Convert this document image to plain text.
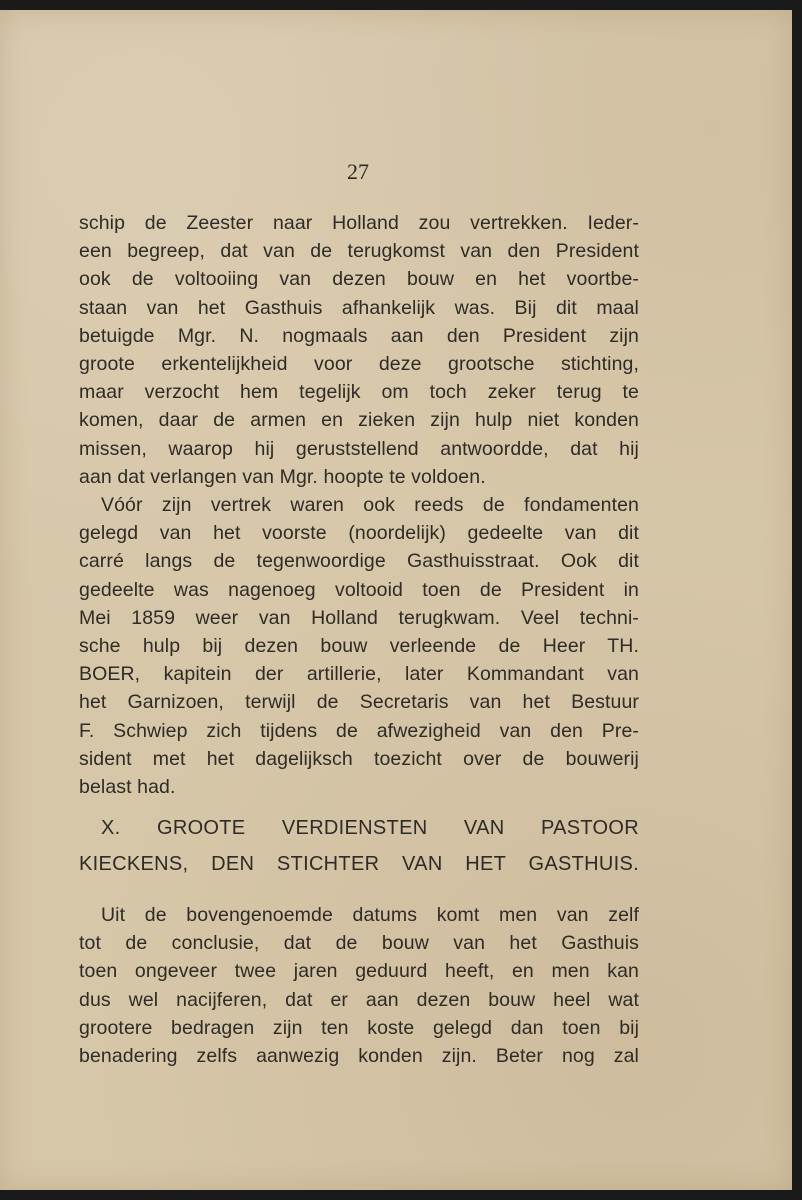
27
schip de Zeester naar Holland zou vertrekken. Ieder-
een begreep, dat van de terugkomst van den President
ook de voltooiing van dezen bouw en het voortbe-
staan van het Gasthuis afhankelijk was. Bij dit maal
betuigde Mgr. N. nogmaals aan den President zijn
groote erkentelijkheid voor deze grootsche stichting,
maar verzocht hem tegelijk om toch zeker terug te
komen, daar de armen en zieken zijn hulp niet konden
missen, waarop hij geruststellend antwoordde, dat hij
aan dat verlangen van Mgr. hoopte te voldoen.
Vóór zijn vertrek waren ook reeds de fondamenten
gelegd van het voorste (noordelijk) gedeelte van dit
carré langs de tegenwoordige Gasthuisstraat. Ook dit
gedeelte was nagenoeg voltooid toen de President in
Mei 1859 weer van Holland terugkwam. Veel techni-
sche hulp bij dezen bouw verleende de Heer TH.
BOER, kapitein der artillerie, later Kommandant van
het Garnizoen, terwijl de Secretaris van het Bestuur
F. Schwiep zich tijdens de afwezigheid van den Pre-
sident met het dagelijksch toezicht over de bouwerij
belast had.
X. GROOTE VERDIENSTEN VAN PASTOOR
KIECKENS, DEN STICHTER VAN HET GASTHUIS.
Uit de bovengenoemde datums komt men van zelf
tot de conclusie, dat de bouw van het Gasthuis
toen ongeveer twee jaren geduurd heeft, en men kan
dus wel nacijferen, dat er aan dezen bouw heel wat
grootere bedragen zijn ten koste gelegd dan toen bij
benadering zelfs aanwezig konden zijn. Beter nog zal
